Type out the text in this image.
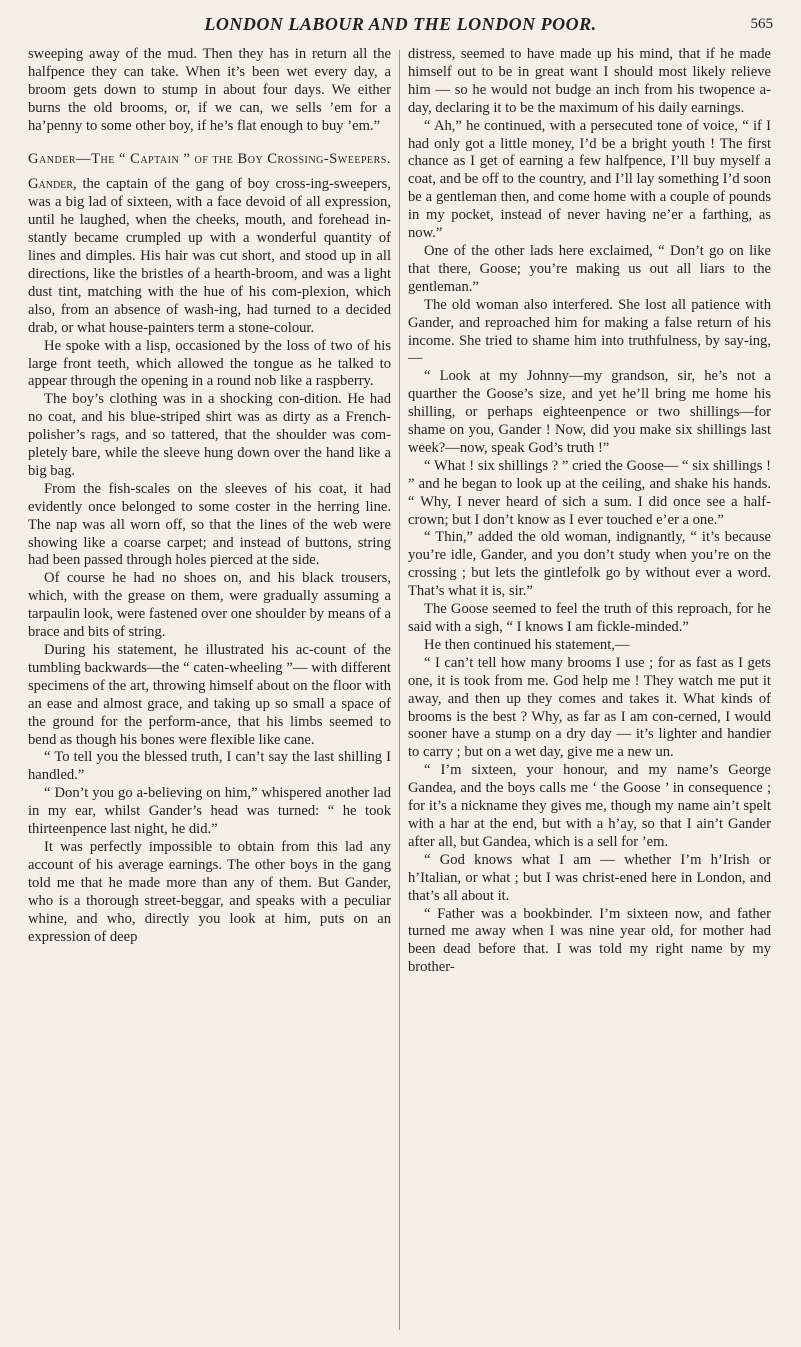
LONDON LABOUR AND THE LONDON POOR.	565

sweeping away of the mud. Then they has in return all the halfpence they can take. When it’s been wet every day, a broom gets down to stump in about four days. We either burns the old brooms, or, if we can, we sells ’em for a ha’penny to some other boy, if he’s flat enough to buy ’em.”

Gander—The “ Captain ” of the Boy Crossing-Sweepers.

Gander, the captain of the gang of boy cross-ing-sweepers, was a big lad of sixteen, with a face devoid of all expression, until he laughed, when the cheeks, mouth, and forehead in-stantly became crumpled up with a wonderful quantity of lines and dimples. His hair was cut short, and stood up in all directions, like the bristles of a hearth-broom, and was a light dust tint, matching with the hue of his com-plexion, which also, from an absence of wash-ing, had turned to a decided drab, or what house-painters term a stone-colour.

He spoke with a lisp, occasioned by the loss of two of his large front teeth, which allowed the tongue as he talked to appear through the opening in a round nob like a raspberry.

The boy’s clothing was in a shocking con-dition. He had no coat, and his blue-striped shirt was as dirty as a French-polisher’s rags, and so tattered, that the shoulder was com-pletely bare, while the sleeve hung down over the hand like a big bag.

From the fish-scales on the sleeves of his coat, it had evidently once belonged to some coster in the herring line. The nap was all worn off, so that the lines of the web were showing like a coarse carpet; and instead of buttons, string had been passed through holes pierced at the side.

Of course he had no shoes on, and his black trousers, which, with the grease on them, were gradually assuming a tarpaulin look, were fastened over one shoulder by means of a brace and bits of string.

During his statement, he illustrated his ac-count of the tumbling backwards—the “ caten-wheeling ”— with different specimens of the art, throwing himself about on the floor with an ease and almost grace, and taking up so small a space of the ground for the perform-ance, that his limbs seemed to bend as though his bones were flexible like cane.

“ To tell you the blessed truth, I can’t say the last shilling I handled.”

“ Don’t you go a-believing on him,” whispered another lad in my ear, whilst Gander’s head was turned: “ he took thirteenpence last night, he did.”

It was perfectly impossible to obtain from this lad any account of his average earnings. The other boys in the gang told me that he made more than any of them. But Gander, who is a thorough street-beggar, and speaks with a peculiar whine, and who, directly you look at him, puts on an expression of deep

distress, seemed to have made up his mind, that if he made himself out to be in great want I should most likely relieve him — so he would not budge an inch from his twopence a-day, declaring it to be the maximum of his daily earnings.

“ Ah,” he continued, with a persecuted tone of voice, “ if I had only got a little money, I’d be a bright youth ! The first chance as I get of earning a few halfpence, I’ll buy myself a coat, and be off to the country, and I’ll lay something I’d soon be a gentleman then, and come home with a couple of pounds in my pocket, instead of never having ne’er a farthing, as now.”

One of the other lads here exclaimed, “ Don’t go on like that there, Goose; you’re making us out all liars to the gentleman.”

The old woman also interfered. She lost all patience with Gander, and reproached him for making a false return of his income. She tried to shame him into truthfulness, by say-ing,—

“ Look at my Johnny—my grandson, sir, he’s not a quarther the Goose’s size, and yet he’ll bring me home his shilling, or perhaps eighteenpence or two shillings—for shame on you, Gander ! Now, did you make six shillings last week?—now, speak God’s truth !”

“ What ! six shillings ? ” cried the Goose— “ six shillings ! ” and he began to look up at the ceiling, and shake his hands. “ Why, I never heard of sich a sum. I did once see a half-crown; but I don’t know as I ever touched e’er a one.”

“ Thin,” added the old woman, indignantly, “ it’s because you’re idle, Gander, and you don’t study when you’re on the crossing ; but lets the gintlefolk go by without ever a word. That’s what it is, sir.”

The Goose seemed to feel the truth of this reproach, for he said with a sigh, “ I knows I am fickle-minded.”

He then continued his statement,—

“ I can’t tell how many brooms I use ; for as fast as I gets one, it is took from me. God help me ! They watch me put it away, and then up they comes and takes it. What kinds of brooms is the best ? Why, as far as I am con-cerned, I would sooner have a stump on a dry day — it’s lighter and handier to carry ; but on a wet day, give me a new un.

“ I’m sixteen, your honour, and my name’s George Gandea, and the boys calls me ‘ the Goose ’ in consequence ; for it’s a nickname they gives me, though my name ain’t spelt with a har at the end, but with a h’ay, so that I ain’t Gander after all, but Gandea, which is a sell for ’em.

“ God knows what I am — whether I’m h’Irish or h’Italian, or what ; but I was christ-ened here in London, and that’s all about it.

“ Father was a bookbinder. I’m sixteen now, and father turned me away when I was nine year old, for mother had been dead before that. I was told my right name by my brother-
